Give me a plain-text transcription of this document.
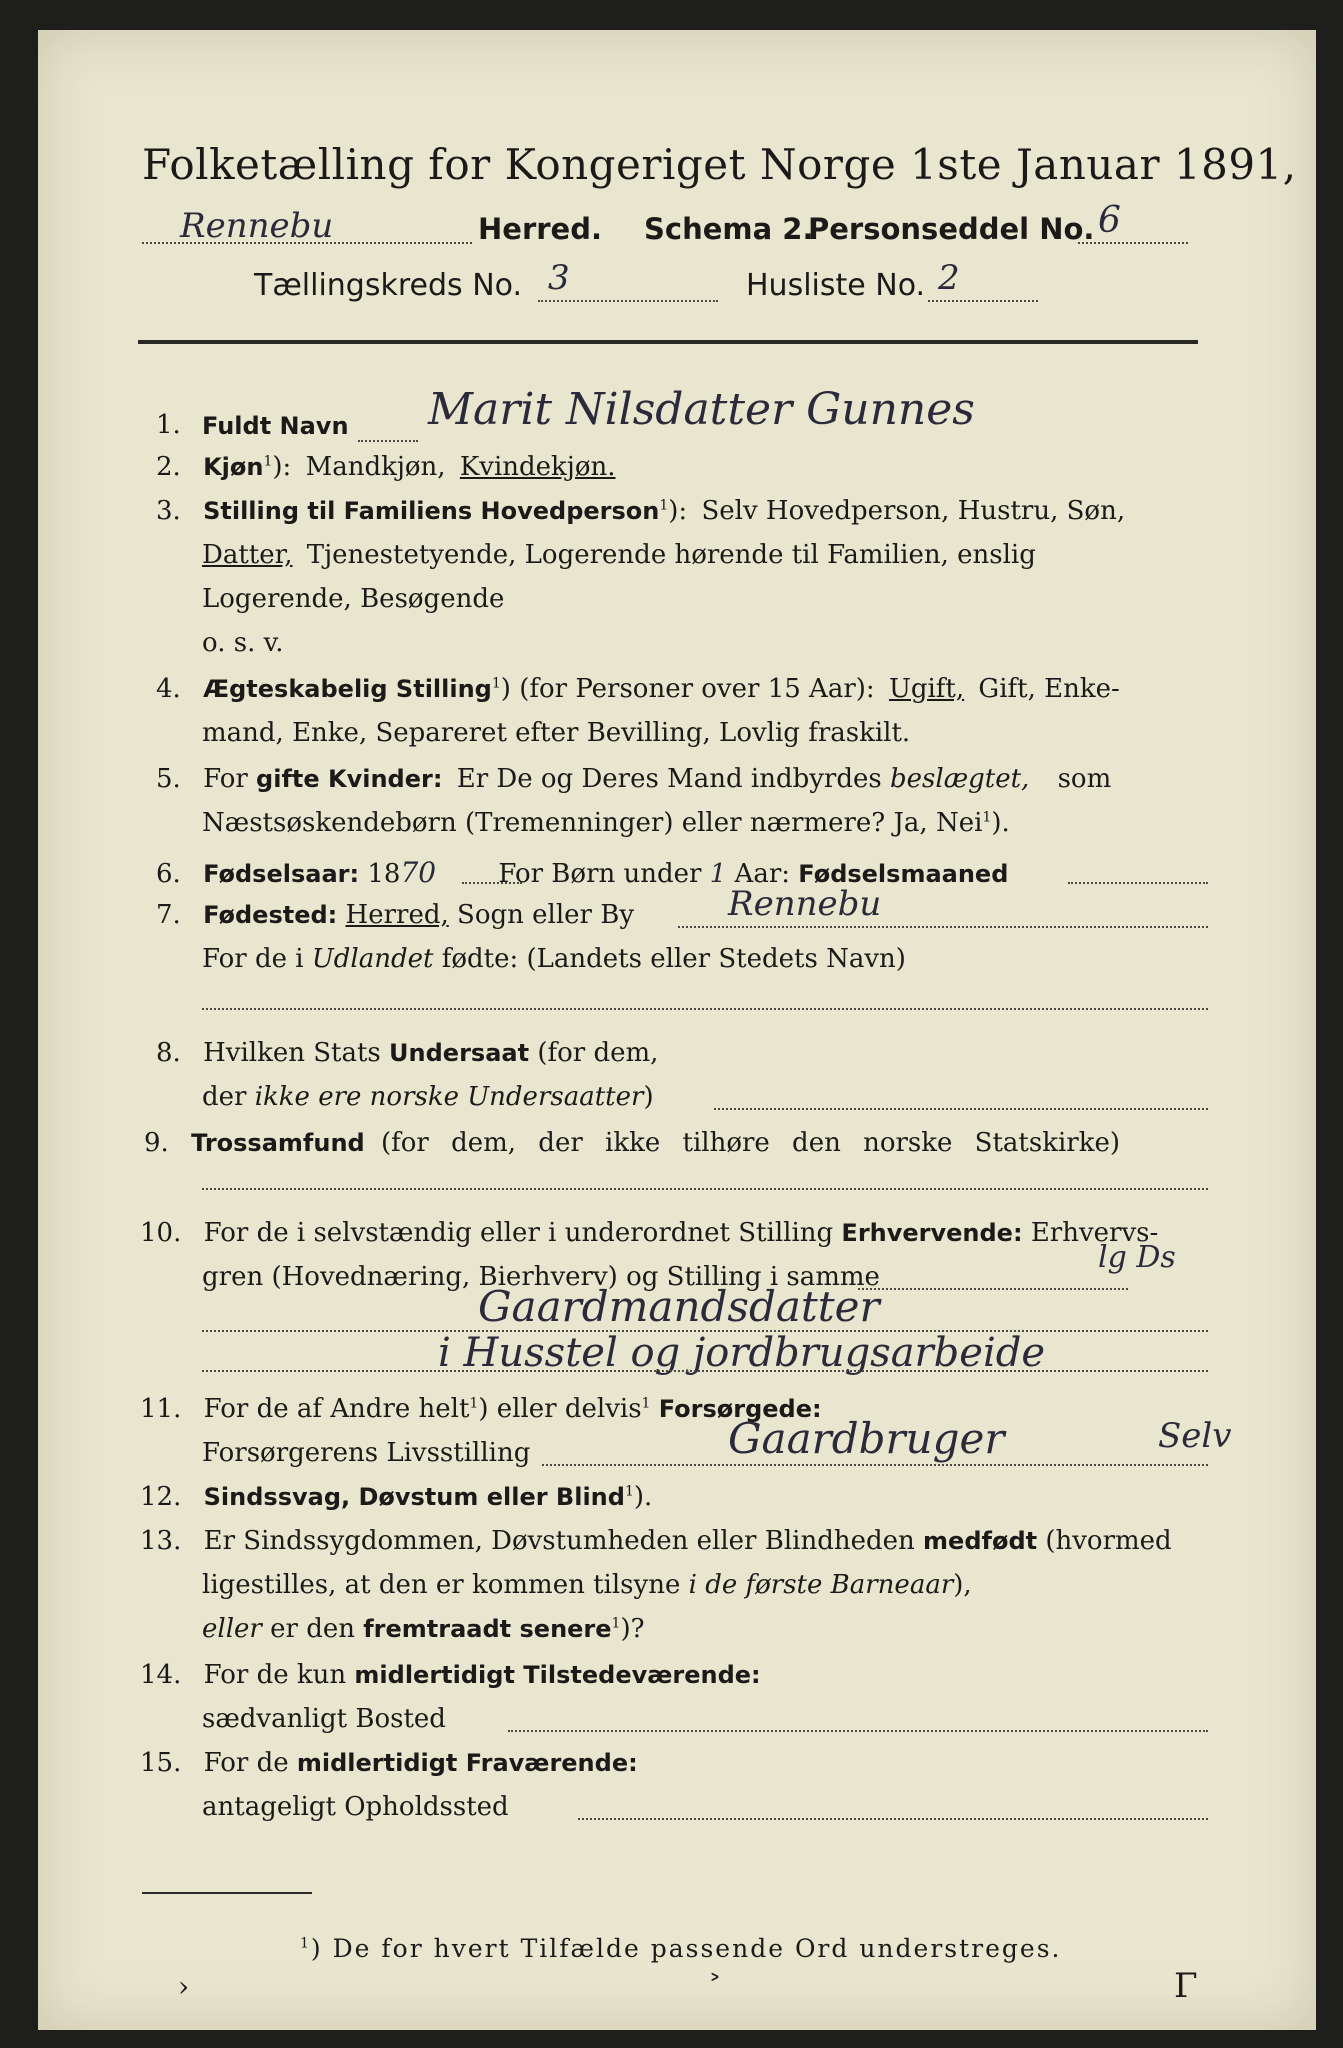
Folketælling for Kongeriget Norge 1ste Januar 1891,
Rennebu	Herred. Schema 2.
Personseddel No. 6
Tællingskreds No. 3	Husliste No. 2
1. Fuldt Navn Marit Nilsdatter Gunnes
2. Kjøn$^1$): Mandkjøn, Kvindekjøn.
3. Stilling til Familiens Hovedperson$^1$): Selv Hovedperson, Hustru, Søn,
Datter, Tjenestetyende, Logerende hørende til Familien, enslig
Logerende, Besøgende
o. s. v.
4. Ægteskabelig Stilling$^1$) (for Personer over 15 Aar): Ugift, Gift, Enke-
mand, Enke, Separeret efter Bevilling, Lovlig fraskilt.
5. For gifte Kvinder: Er De og Deres Mand indbyrdes beslægtet, som
Næstsøskendebørn (Tremenninger) eller nærmere? Ja, Nei$^1$).
6. Fødselsaar: 1870 For Børn under 1 Aar: Fødselsmaaned
7. Fødested: Herred, Sogn eller By	Rennebu
For de i Udlandet fødte: (Landets eller Stedets Navn)
8. Hvilken Stats Undersaat (for dem,
der ikke ere norske Undersaatter)
9. Trossamfund (for dem, der ikke tilhøre den norske Statskirke)
10. For de i selvstændig eller i underordnet Stilling Erhvervende: Erhvervs-
gren (Hovednæring, Bierhverv) og Stilling i samme
lg Ds
Gaardmandsdatter
i Husstel og jordbrugsarbeide
11. For de af Andre helt$^1$) eller delvis$^1$ Forsørgede:
Forsørgerens Livsstilling	Gaardbruger	Selv
12. Sindssvag, Døvstum eller Blind$^1$).
13. Er Sindssygdommen, Døvstumheden eller Blindheden medfødt (hvormed
ligestilles, at den er kommen tilsyne i de første Barneaar),
eller er den fremtraadt senere$^1$)?
14. For de kun midlertidigt Tilstedeværende:
sædvanligt Bosted
15. For de midlertidigt Fraværende:
antageligt Opholdssted
$^1$) De for hvert Tilfælde passende Ord understreges.
›	˃	Γ
